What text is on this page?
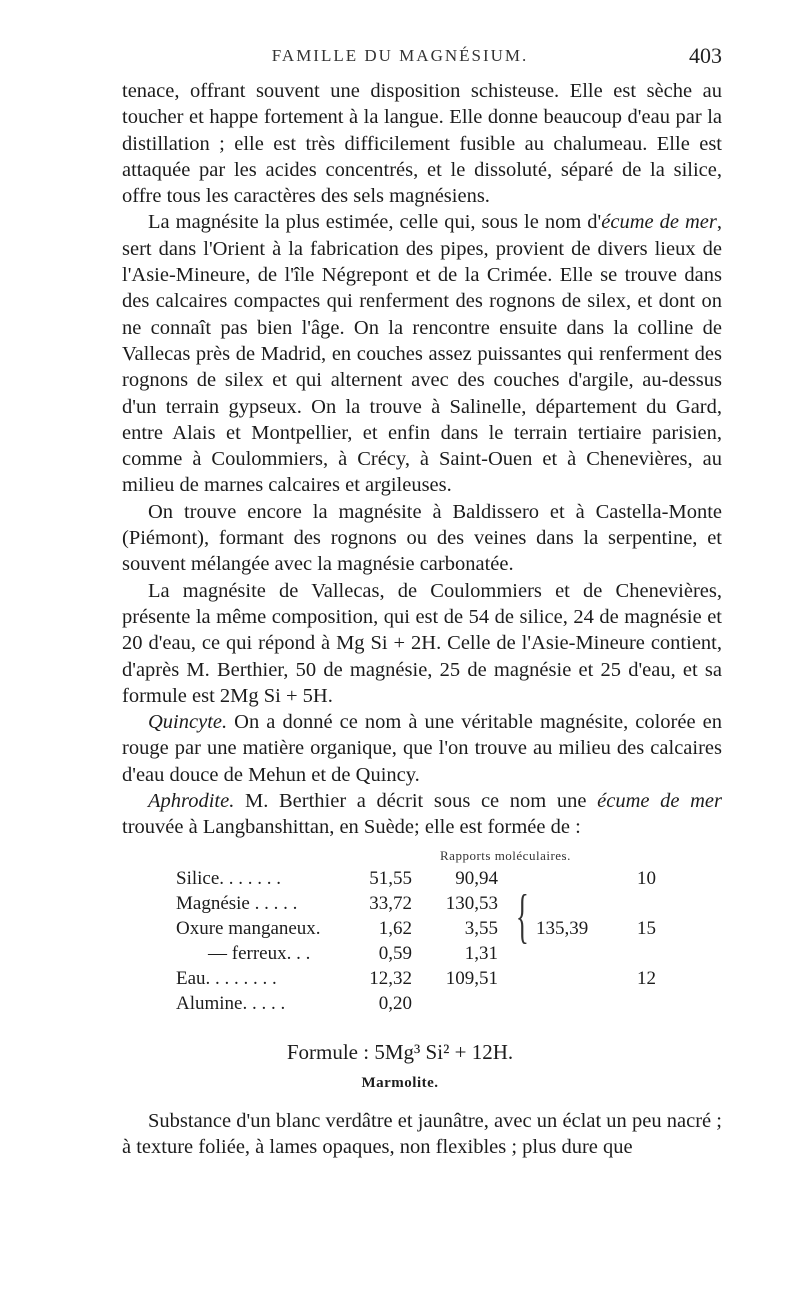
FAMILLE DU MAGNÉSIUM.	403

tenace, offrant souvent une disposition schisteuse. Elle est sèche au toucher et happe fortement à la langue. Elle donne beaucoup d'eau par la distillation ; elle est très difficilement fusible au chalumeau. Elle est attaquée par les acides concentrés, et le dissoluté, séparé de la silice, offre tous les caractères des sels magnésiens.

La magnésite la plus estimée, celle qui, sous le nom d'écume de mer, sert dans l'Orient à la fabrication des pipes, provient de divers lieux de l'Asie-Mineure, de l'île Négrepont et de la Crimée. Elle se trouve dans des calcaires compactes qui renferment des rognons de silex, et dont on ne connaît pas bien l'âge. On la rencontre ensuite dans la colline de Vallecas près de Madrid, en couches assez puissantes qui renferment des rognons de silex et qui alternent avec des couches d'argile, au-dessus d'un terrain gypseux. On la trouve à Salinelle, département du Gard, entre Alais et Montpellier, et enfin dans le terrain tertiaire parisien, comme à Coulommiers, à Crécy, à Saint-Ouen et à Chenevières, au milieu de marnes calcaires et argileuses.

On trouve encore la magnésite à Baldissero et à Castella-Monte (Piémont), formant des rognons ou des veines dans la serpentine, et souvent mélangée avec la magnésie carbonatée.

La magnésite de Vallecas, de Coulommiers et de Chenevières, présente la même composition, qui est de 54 de silice, 24 de magnésie et 20 d'eau, ce qui répond à Mg Si + 2H. Celle de l'Asie-Mineure contient, d'après M. Berthier, 50 de magnésie, 25 de magnésie et 25 d'eau, et sa formule est 2Mg Si + 5H.

Quincyte. On a donné ce nom à une véritable magnésite, colorée en rouge par une matière organique, que l'on trouve au milieu des calcaires d'eau douce de Mehun et de Quincy.

Aphrodite. M. Berthier a décrit sous ce nom une écume de mer trouvée à Langbanshittan, en Suède; elle est formée de :

Rapports moléculaires.
Silice. . . . . . .	51,55	90,94	10
Magnésie . . . . .	33,72	130,53
Oxure manganeux.	1,62	3,55 135,39	15
— ferreux. . .	0,59	1,31
Eau. . . . . . . .	12,32	109,51	12
Alumine. . . . .	0,20
{
Formule : 5Mg³ Si² + 12H.
Marmolite.

Substance d'un blanc verdâtre et jaunâtre, avec un éclat un peu nacré ; à texture foliée, à lames opaques, non flexibles ; plus dure que
